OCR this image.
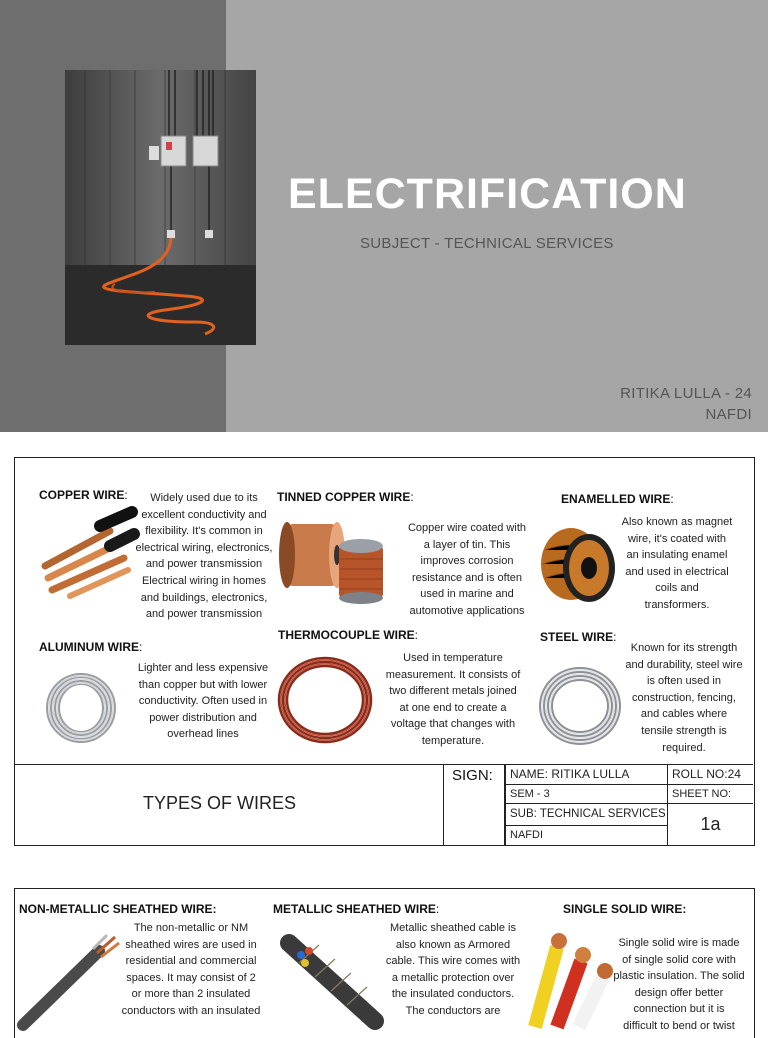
ELECTRIFICATION
SUBJECT - TECHNICAL SERVICES
RITIKA LULLA - 24
NAFDI
COPPER WIRE:	Widely used due to its
excellent conductivity and
flexibility. It's common in
electrical wiring, electronics,
and power transmission
Electrical wiring in homes
and buildings, electronics,
and power transmission
TINNED COPPER WIRE:
Copper wire coated with
a layer of tin. This
improves corrosion
resistance and is often
used in marine and
automotive applications
ENAMELLED WIRE:
Also known as magnet
wire, it's coated with
an insulating enamel
and used in electrical
coils and
transformers.
ALUMINUM WIRE:
Lighter and less expensive
than copper but with lower
conductivity. Often used in
power distribution and
overhead lines
THERMOCOUPLE WIRE:
Used in temperature
measurement. It consists of
two different metals joined
at one end to create a
voltage that changes with
temperature.
STEEL WIRE:
Known for its strength
and durability, steel wire
is often used in
construction, fencing,
and cables where
tensile strength is
required.
TYPES OF WIRES
SIGN:	NAME: RITIKA LULLA	ROLL NO:24
SEM - 3	SHEET NO:
SUB: TECHNICAL SERVICES	1a
NAFDI
NON-METALLIC SHEATHED WIRE:
The non-metallic or NM
sheathed wires are used in
residential and commercial
spaces. It may consist of 2
or more than 2 insulated
conductors with an insulated
METALLIC SHEATHED WIRE:
Metallic sheathed cable is
also known as Armored
cable. This wire comes with
a metallic protection over
the insulated conductors.
The conductors are
SINGLE SOLID WIRE:
Single solid wire is made
of single solid core with
plastic insulation. The solid
design offer better
connection but it is
difficult to bend or twist
